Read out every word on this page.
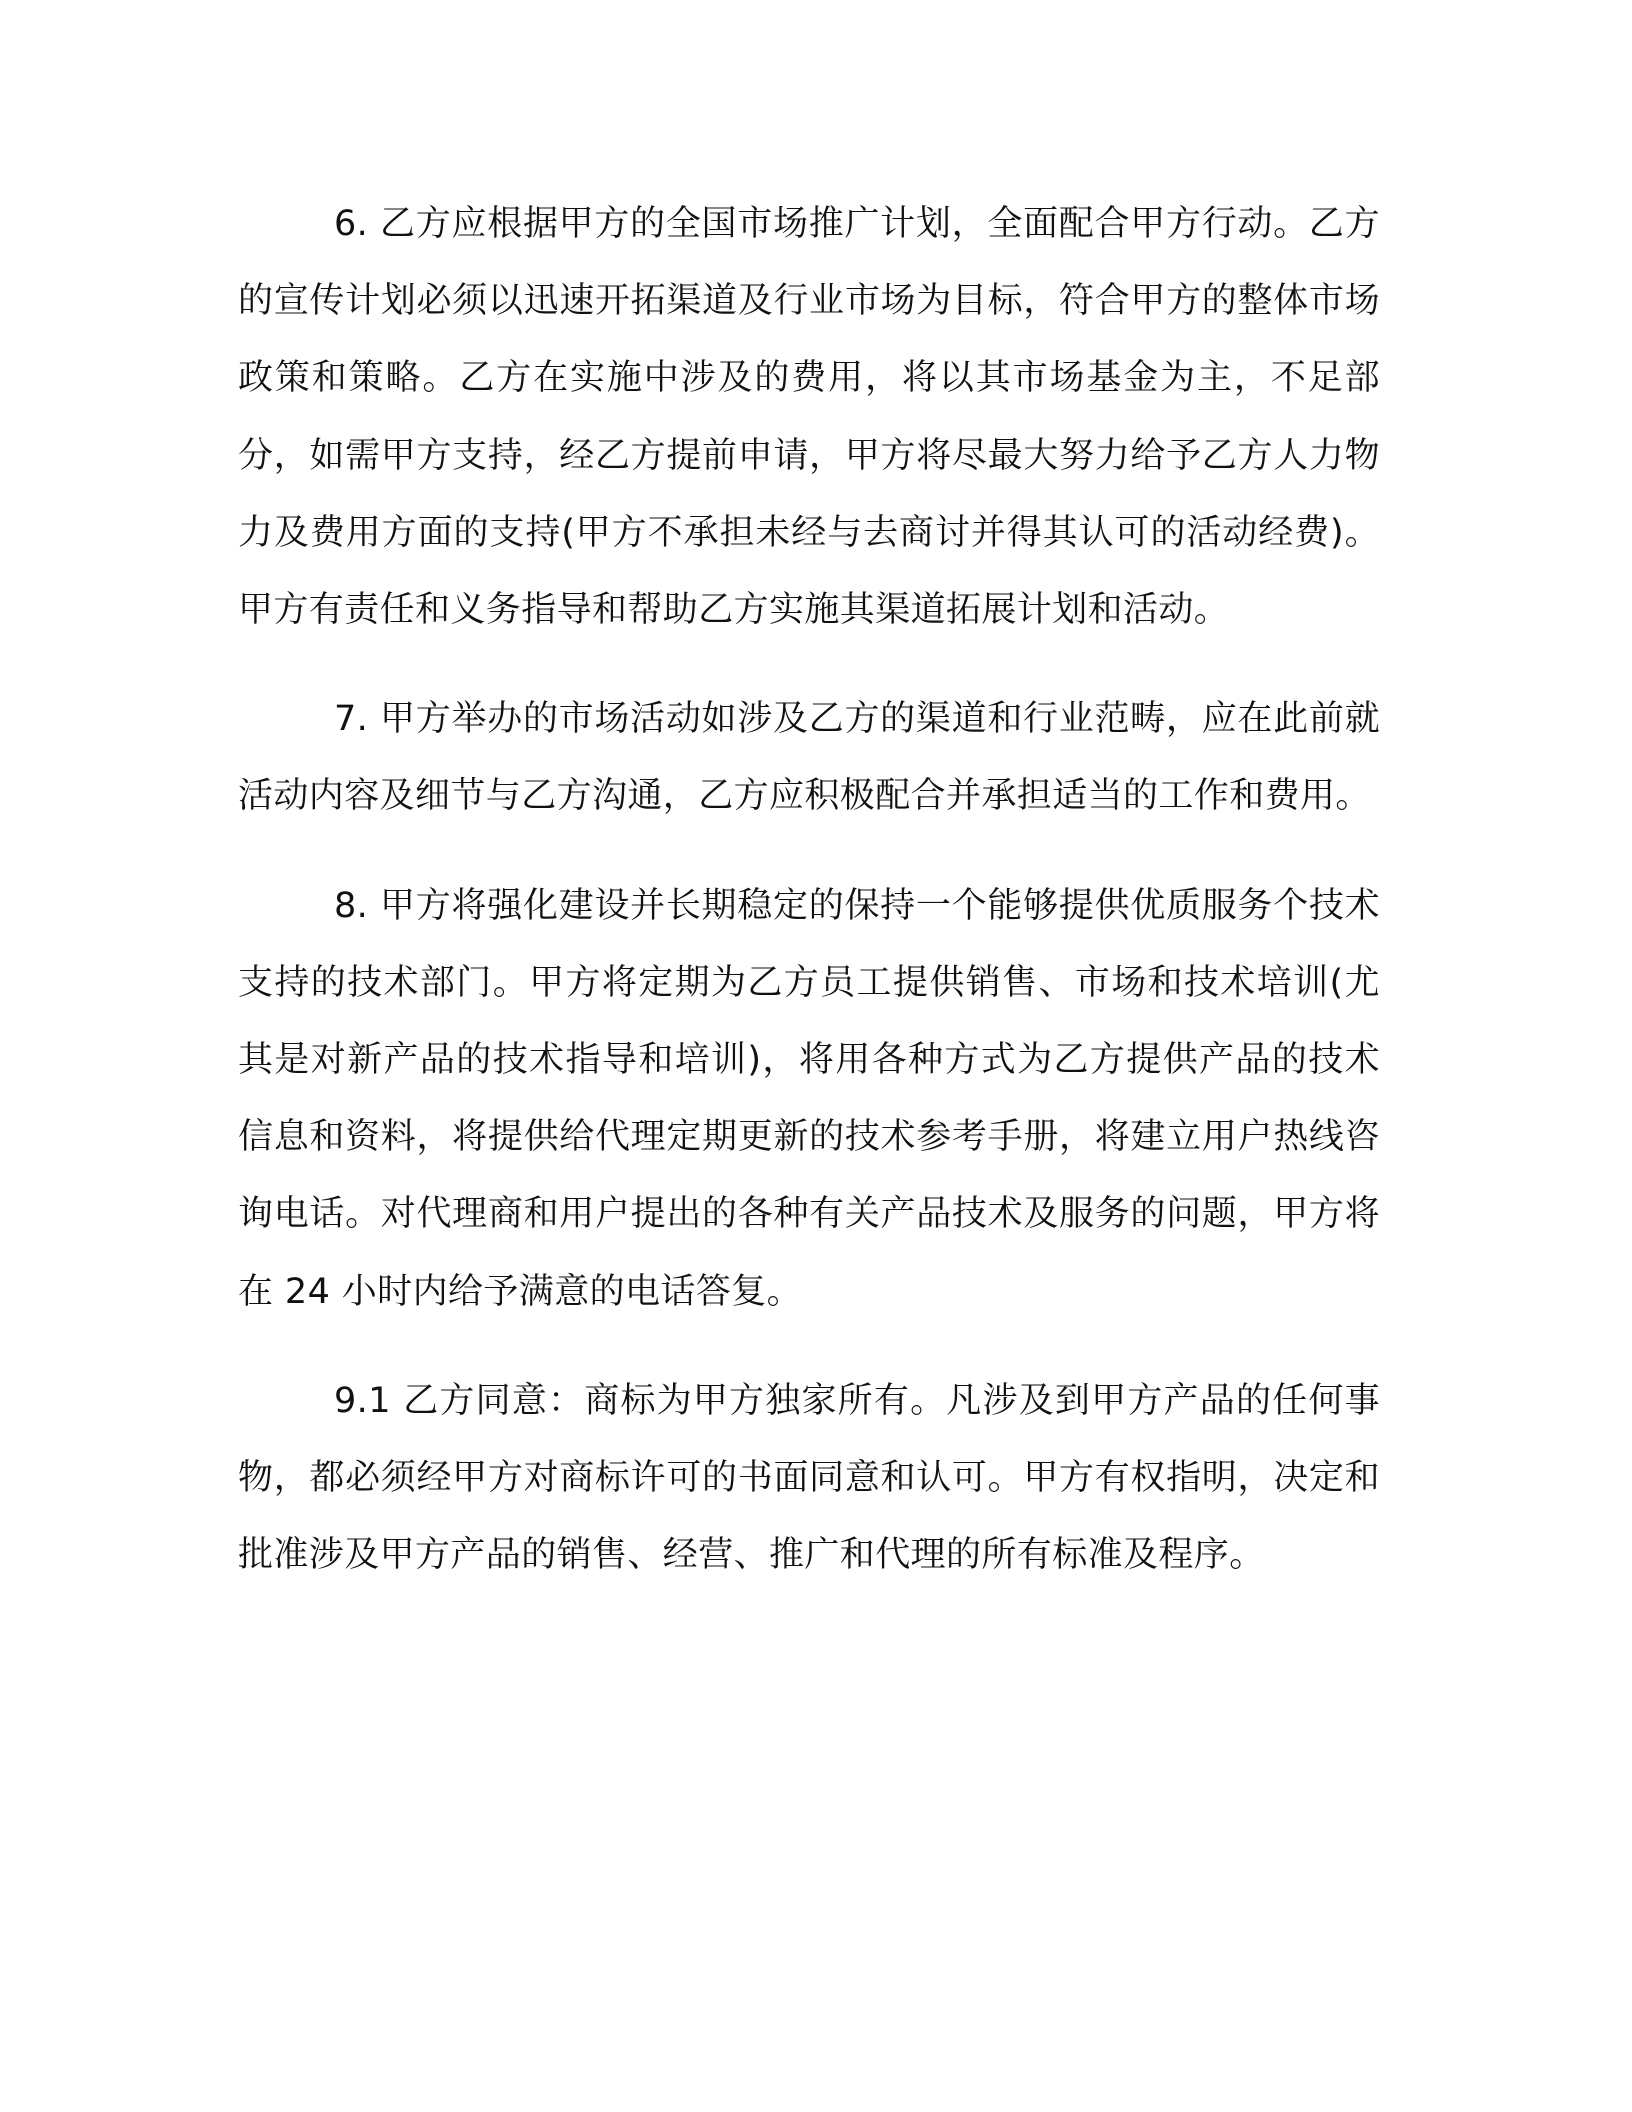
6. 乙方应根据甲方的全国市场推广计划，全面配合甲方行动。乙方的宣传计划必须以迅速开拓渠道及行业市场为目标，符合甲方的整体市场政策和策略。乙方在实施中涉及的费用，将以其市场基金为主，不足部分，如需甲方支持，经乙方提前申请，甲方将尽最大努力给予乙方人力物力及费用方面的支持(甲方不承担未经与去商讨并得其认可的活动经费)。甲方有责任和义务指导和帮助乙方实施其渠道拓展计划和活动。

7. 甲方举办的市场活动如涉及乙方的渠道和行业范畴，应在此前就活动内容及细节与乙方沟通，乙方应积极配合并承担适当的工作和费用。

8. 甲方将强化建设并长期稳定的保持一个能够提供优质服务个技术支持的技术部门。甲方将定期为乙方员工提供销售、市场和技术培训(尤其是对新产品的技术指导和培训)，将用各种方式为乙方提供产品的技术信息和资料，将提供给代理定期更新的技术参考手册，将建立用户热线咨询电话。对代理商和用户提出的各种有关产品技术及服务的问题，甲方将在 24 小时内给予满意的电话答复。

9.1 乙方同意：商标为甲方独家所有。凡涉及到甲方产品的任何事物，都必须经甲方对商标许可的书面同意和认可。甲方有权指明，决定和批准涉及甲方产品的销售、经营、推广和代理的所有标准及程序。
